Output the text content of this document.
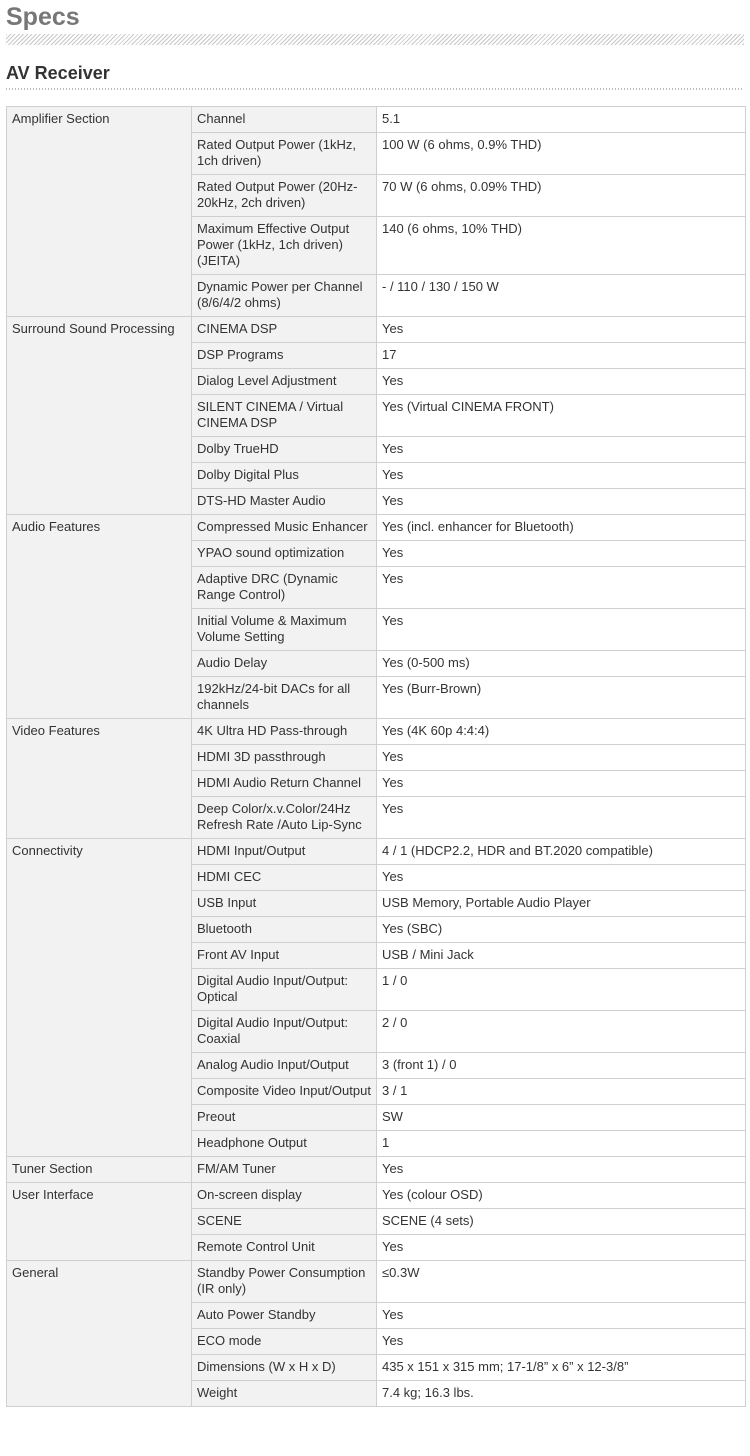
Specs
AV Receiver
Amplifier Section	Channel	5.1
	Rated Output Power (1kHz, 1ch driven)	100 W (6 ohms, 0.9% THD)
	Rated Output Power (20Hz-20kHz, 2ch driven)	70 W (6 ohms, 0.09% THD)
	Maximum Effective Output Power (1kHz, 1ch driven) (JEITA)	140 (6 ohms, 10% THD)
	Dynamic Power per Channel (8/6/4/2 ohms)	- / 110 / 130 / 150 W
Surround Sound Processing	CINEMA DSP	Yes
	DSP Programs	17
	Dialog Level Adjustment	Yes
	SILENT CINEMA / Virtual CINEMA DSP	Yes (Virtual CINEMA FRONT)
	Dolby TrueHD	Yes
	Dolby Digital Plus	Yes
	DTS-HD Master Audio	Yes
Audio Features	Compressed Music Enhancer	Yes (incl. enhancer for Bluetooth)
	YPAO sound optimization	Yes
	Adaptive DRC (Dynamic Range Control)	Yes
	Initial Volume & Maximum Volume Setting	Yes
	Audio Delay	Yes (0-500 ms)
	192kHz/24-bit DACs for all channels	Yes (Burr-Brown)
Video Features	4K Ultra HD Pass-through	Yes (4K 60p 4:4:4)
	HDMI 3D passthrough	Yes
	HDMI Audio Return Channel	Yes
	Deep Color/x.v.Color/24Hz Refresh Rate /Auto Lip-Sync	Yes
Connectivity	HDMI Input/Output	4 / 1 (HDCP2.2, HDR and BT.2020 compatible)
	HDMI CEC	Yes
	USB Input	USB Memory, Portable Audio Player
	Bluetooth	Yes (SBC)
	Front AV Input	USB / Mini Jack
	Digital Audio Input/Output: Optical	1 / 0
	Digital Audio Input/Output: Coaxial	2 / 0
	Analog Audio Input/Output	3 (front 1) / 0
	Composite Video Input/Output	3 / 1
	Preout	SW
	Headphone Output	1
Tuner Section	FM/AM Tuner	Yes
User Interface	On-screen display	Yes (colour OSD)
	SCENE	SCENE (4 sets)
	Remote Control Unit	Yes
General	Standby Power Consumption (IR only)	≤0.3W
	Auto Power Standby	Yes
	ECO mode	Yes
	Dimensions (W x H x D)	435 x 151 x 315 mm; 17-1/8” x 6” x 12-3/8”
	Weight	7.4 kg; 16.3 lbs.
